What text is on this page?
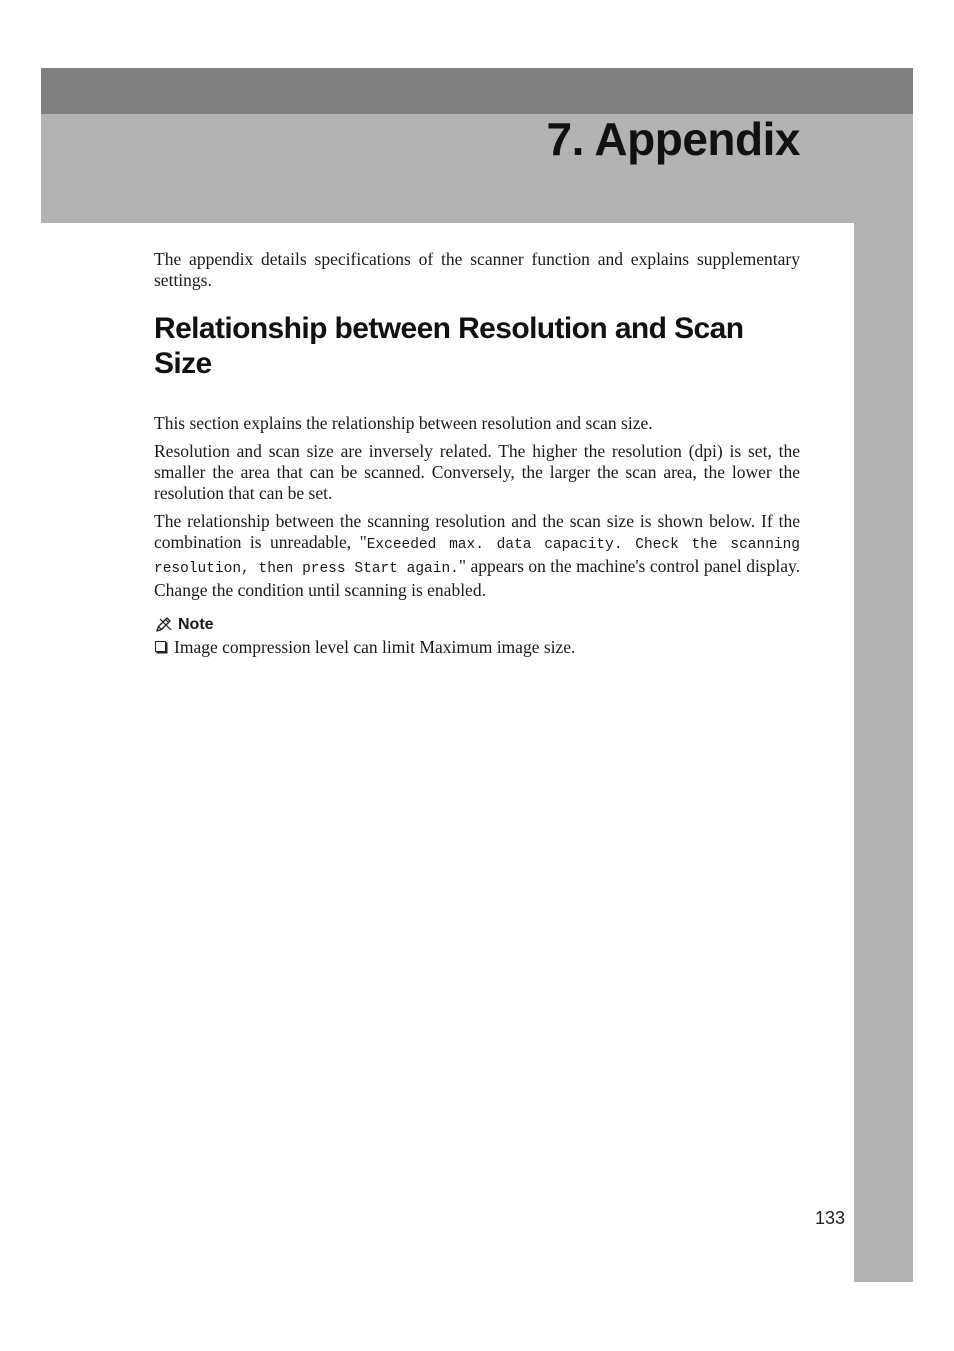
7. Appendix

The appendix details specifications of the scanner function and explains supplementary settings.

Relationship between Resolution and Scan Size

This section explains the relationship between resolution and scan size.

Resolution and scan size are inversely related. The higher the resolution (dpi) is set, the smaller the area that can be scanned. Conversely, the larger the scan area, the lower the resolution that can be set.

The relationship between the scanning resolution and the scan size is shown below. If the combination is unreadable, "Exceeded max. data capacity. Check the scanning resolution, then press Start again." appears on the machine's control panel display. Change the condition until scanning is enabled.

Note

Image compression level can limit Maximum image size.

133
